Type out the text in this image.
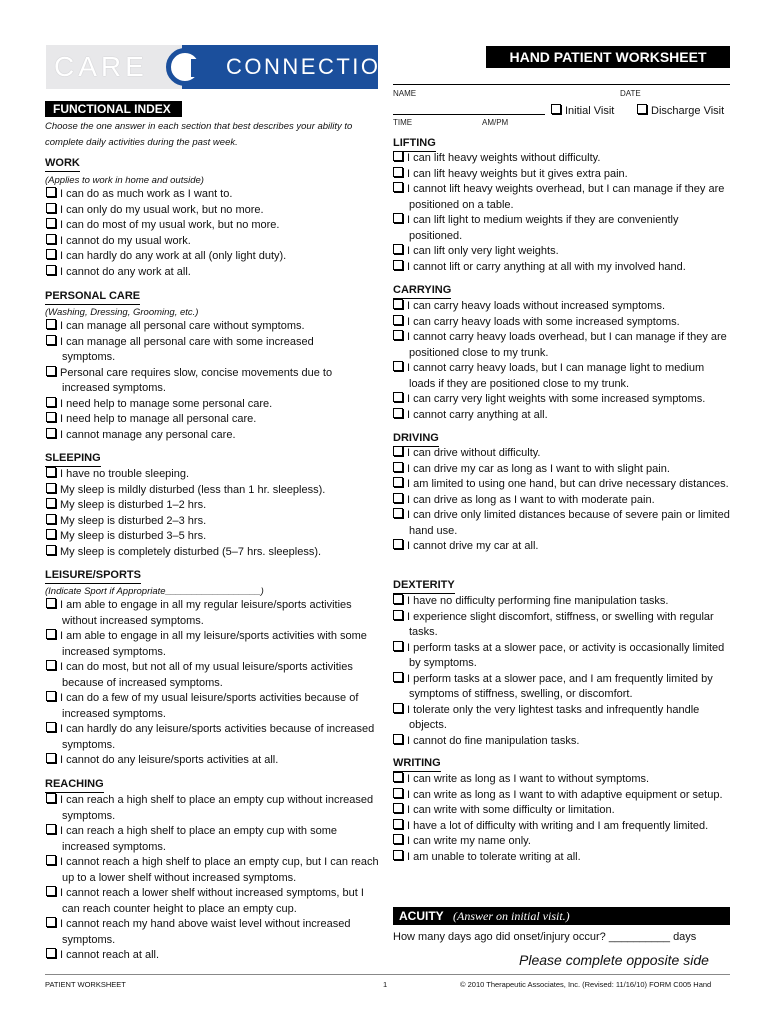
CARE	CONNECTIONS	HAND PATIENT WORKSHEET
NAME	DATE
TIME	AM/PM
Initial Visit	Discharge Visit
FUNCTIONAL INDEX
Choose the one answer in each section that best describes your ability to complete daily activities during the past week.
WORK
(Applies to work in home and outside)
I can do as much work as I want to.
I can only do my usual work, but no more.
I can do most of my usual work, but no more.
I cannot do my usual work.
I can hardly do any work at all (only light duty).
I cannot do any work at all.
PERSONAL CARE
(Washing, Dressing, Grooming, etc.)
I can manage all personal care without symptoms.
I can manage all personal care with some increased symptoms.
Personal care requires slow, concise movements due to increased symptoms.
I need help to manage some personal care.
I need help to manage all personal care.
I cannot manage any personal care.
SLEEPING
I have no trouble sleeping.
My sleep is mildly disturbed (less than 1 hr. sleepless).
My sleep is disturbed 1–2 hrs.
My sleep is disturbed 2–3 hrs.
My sleep is disturbed 3–5 hrs.
My sleep is completely disturbed (5–7 hrs. sleepless).
LEISURE/SPORTS
(Indicate Sport if Appropriate__________________)
I am able to engage in all my regular leisure/sports activities without increased symptoms.
I am able to engage in all my leisure/sports activities with some increased symptoms.
I can do most, but not all of my usual leisure/sports activities because of increased symptoms.
I can do a few of my usual leisure/sports activities because of increased symptoms.
I can hardly do any leisure/sports activities because of increased symptoms.
I cannot do any leisure/sports activities at all.
REACHING
I can reach a high shelf to place an empty cup without increased symptoms.
I can reach a high shelf to place an empty cup with some increased symptoms.
I cannot reach a high shelf to place an empty cup, but I can reach up to a lower shelf without increased symptoms.
I cannot reach a lower shelf without increased symptoms, but I can reach counter height to place an empty cup.
I cannot reach my hand above waist level without increased symptoms.
I cannot reach at all.
LIFTING
I can lift heavy weights without difficulty.
I can lift heavy weights but it gives extra pain.
I cannot lift heavy weights overhead, but I can manage if they are positioned on a table.
I can lift light to medium weights if they are conveniently positioned.
I can lift only very light weights.
I cannot lift or carry anything at all with my involved hand.
CARRYING
I can carry heavy loads without increased symptoms.
I can carry heavy loads with some increased symptoms.
I cannot carry heavy loads overhead, but I can manage if they are positioned close to my trunk.
I cannot carry heavy loads, but I can manage light to medium loads if they are positioned close to my trunk.
I can carry very light weights with some increased symptoms.
I cannot carry anything at all.
DRIVING
I can drive without difficulty.
I can drive my car as long as I want to with slight pain.
I am limited to using one hand, but can drive necessary distances.
I can drive as long as I want to with moderate pain.
I can drive only limited distances because of severe pain or limited hand use.
I cannot drive my car at all.
DEXTERITY
I have no difficulty performing fine manipulation tasks.
I experience slight discomfort, stiffness, or swelling with regular tasks.
I perform tasks at a slower pace, or activity is occasionally limited by symptoms.
I perform tasks at a slower pace, and I am frequently limited by symptoms of stiffness, swelling, or discomfort.
I tolerate only the very lightest tasks and infrequently handle objects.
I cannot do fine manipulation tasks.
WRITING
I can write as long as I want to without symptoms.
I can write as long as I want to with adaptive equipment or setup.
I can write with some difficulty or limitation.
I have a lot of difficulty with writing and I am frequently limited.
I can write my name only.
I am unable to tolerate writing at all.
ACUITY (Answer on initial visit.)
How many days ago did onset/injury occur? __________ days
Please complete opposite side
PATIENT WORKSHEET	1	© 2010 Therapeutic Associates, Inc. (Revised: 11/16/10) FORM C005 Hand
